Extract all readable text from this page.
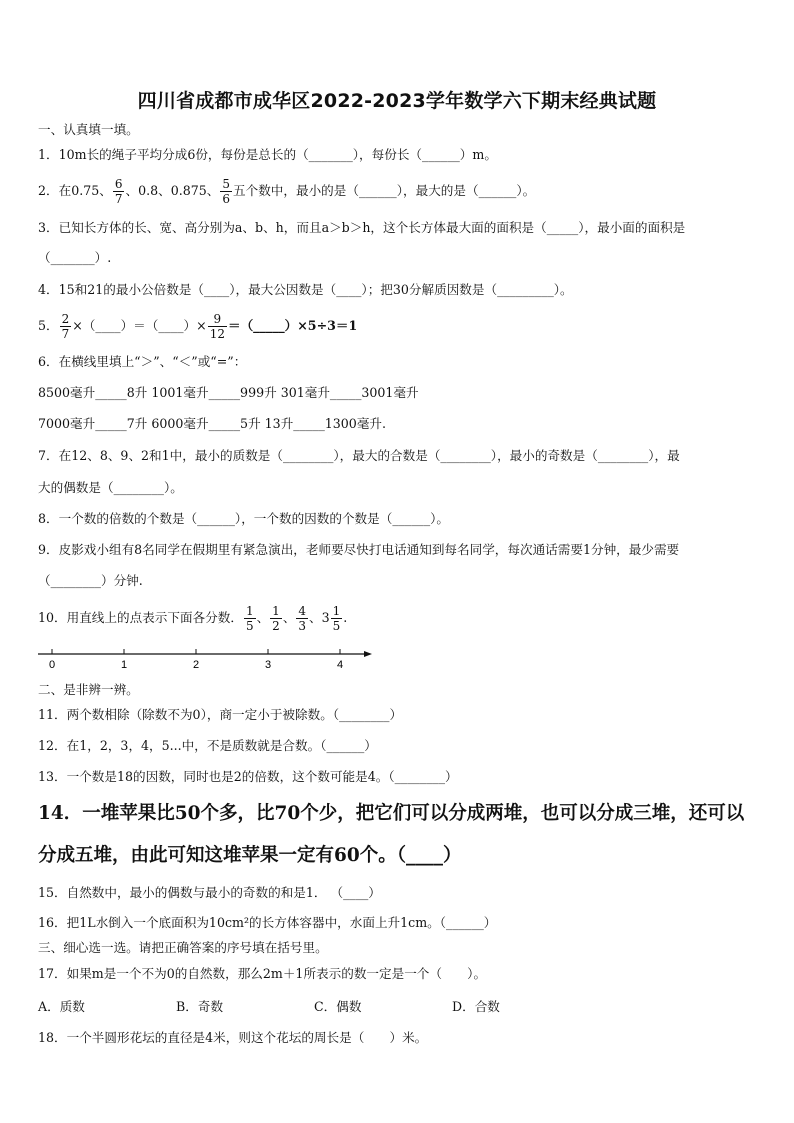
四川省成都市成华区2022-2023学年数学六下期末经典试题
一、认真填一填。
1．10m长的绳子平均分成6份，每份是总长的（_______），每份长（______）m。
2．在0.75、 $\frac{6}{7}$ 、0.8、0.875、 $\frac{5}{6}$ 五个数中，最小的是（______），最大的是（______）。
3．已知长方体的长、宽、高分别为a、b、h，而且a＞b＞h，这个长方体最大面的面积是（_____），最小面的面积是
（_______）.
4．15和21的最小公倍数是（____），最大公因数是（____）；把30分解质因数是（_________）。
5． $\frac{2}{7}$ ×（____）＝（____）× $\frac{9}{12}$ ＝（_____）×5÷3＝1
6．在横线里填上“＞”、“＜”或“=”：
8500毫升_____8升 1001毫升_____999升 301毫升_____3001毫升
7000毫升_____7升 6000毫升_____5升 13升_____1300毫升.
7．在12、8、9、2和1中，最小的质数是（________），最大的合数是（________），最小的奇数是（________），最
大的偶数是（________）。
8．一个数的倍数的个数是（______），一个数的因数的个数是（______）。
9．皮影戏小组有8名同学在假期里有紧急演出，老师要尽快打电话通知到每名同学，每次通话需要1分钟，最少需要
（________）分钟.
10．用直线上的点表示下面各分数． $\frac{1}{5}$ 、 $\frac{1}{2}$ 、 $\frac{4}{3}$ 、$3 \frac{1}{5}$ .
0	1	2	3	4
二、是非辨一辨。
11．两个数相除（除数不为0），商一定小于被除数。（________）
12．在1，2，3，4，5...中，不是质数就是合数。（______）
13．一个数是18的因数，同时也是2的倍数，这个数可能是4。（________）
14．一堆苹果比50个多，比70个少，把它们可以分成两堆，也可以分成三堆，还可以
分成五堆，由此可知这堆苹果一定有60个。（____）
15．自然数中，最小的偶数与最小的奇数的和是1． （____）
16．把1L水倒入一个底面积为10cm²的长方体容器中，水面上升1cm。（______）
三、细心选一选。请把正确答案的序号填在括号里。
17．如果m是一个不为0的自然数，那么2m＋1所表示的数一定是一个（　　）。
A．质数	B．奇数	C．偶数	D．合数
18．一个半圆形花坛的直径是4米，则这个花坛的周长是（　　）米。
